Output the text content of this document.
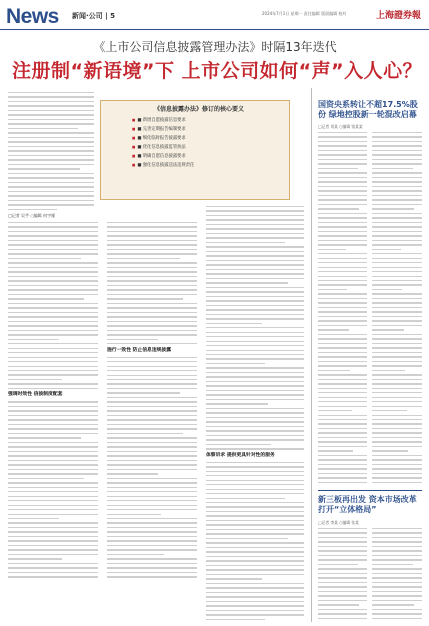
News 新闻·公司 | 5	2024年7月1日 星期一 责任编辑 版面编辑 校对	上海證券報
《上市公司信息披露管理办法》时隔13年迭代
注册制“新语境”下 上市公司如何“声”入人心？
《信息披露办法》修订的核心要义
■ ■ 新增自愿披露信息要求
■ ■ 完善定期报告编制要求
■ ■ 细化临时报告披露要求
■ ■ 优化信息披露监管执法
■ ■ 明确自愿信息披露要求
■ ■ 强化信息披露违法违规责任
□记者 吴芊 ○编辑 何宇雁
强调时效性 信披制度配套
施行一致性 防止信息违规披露
体察诉求 提供更具针对性的服务
国资央系转让不超17.5%股份 绿地控股新一轮混改启幕
□记者 刘某 ○编辑 钱某某
新三板再出发 资本市场改革打开“立体格局”
□记者 李某 ○编辑 张某
